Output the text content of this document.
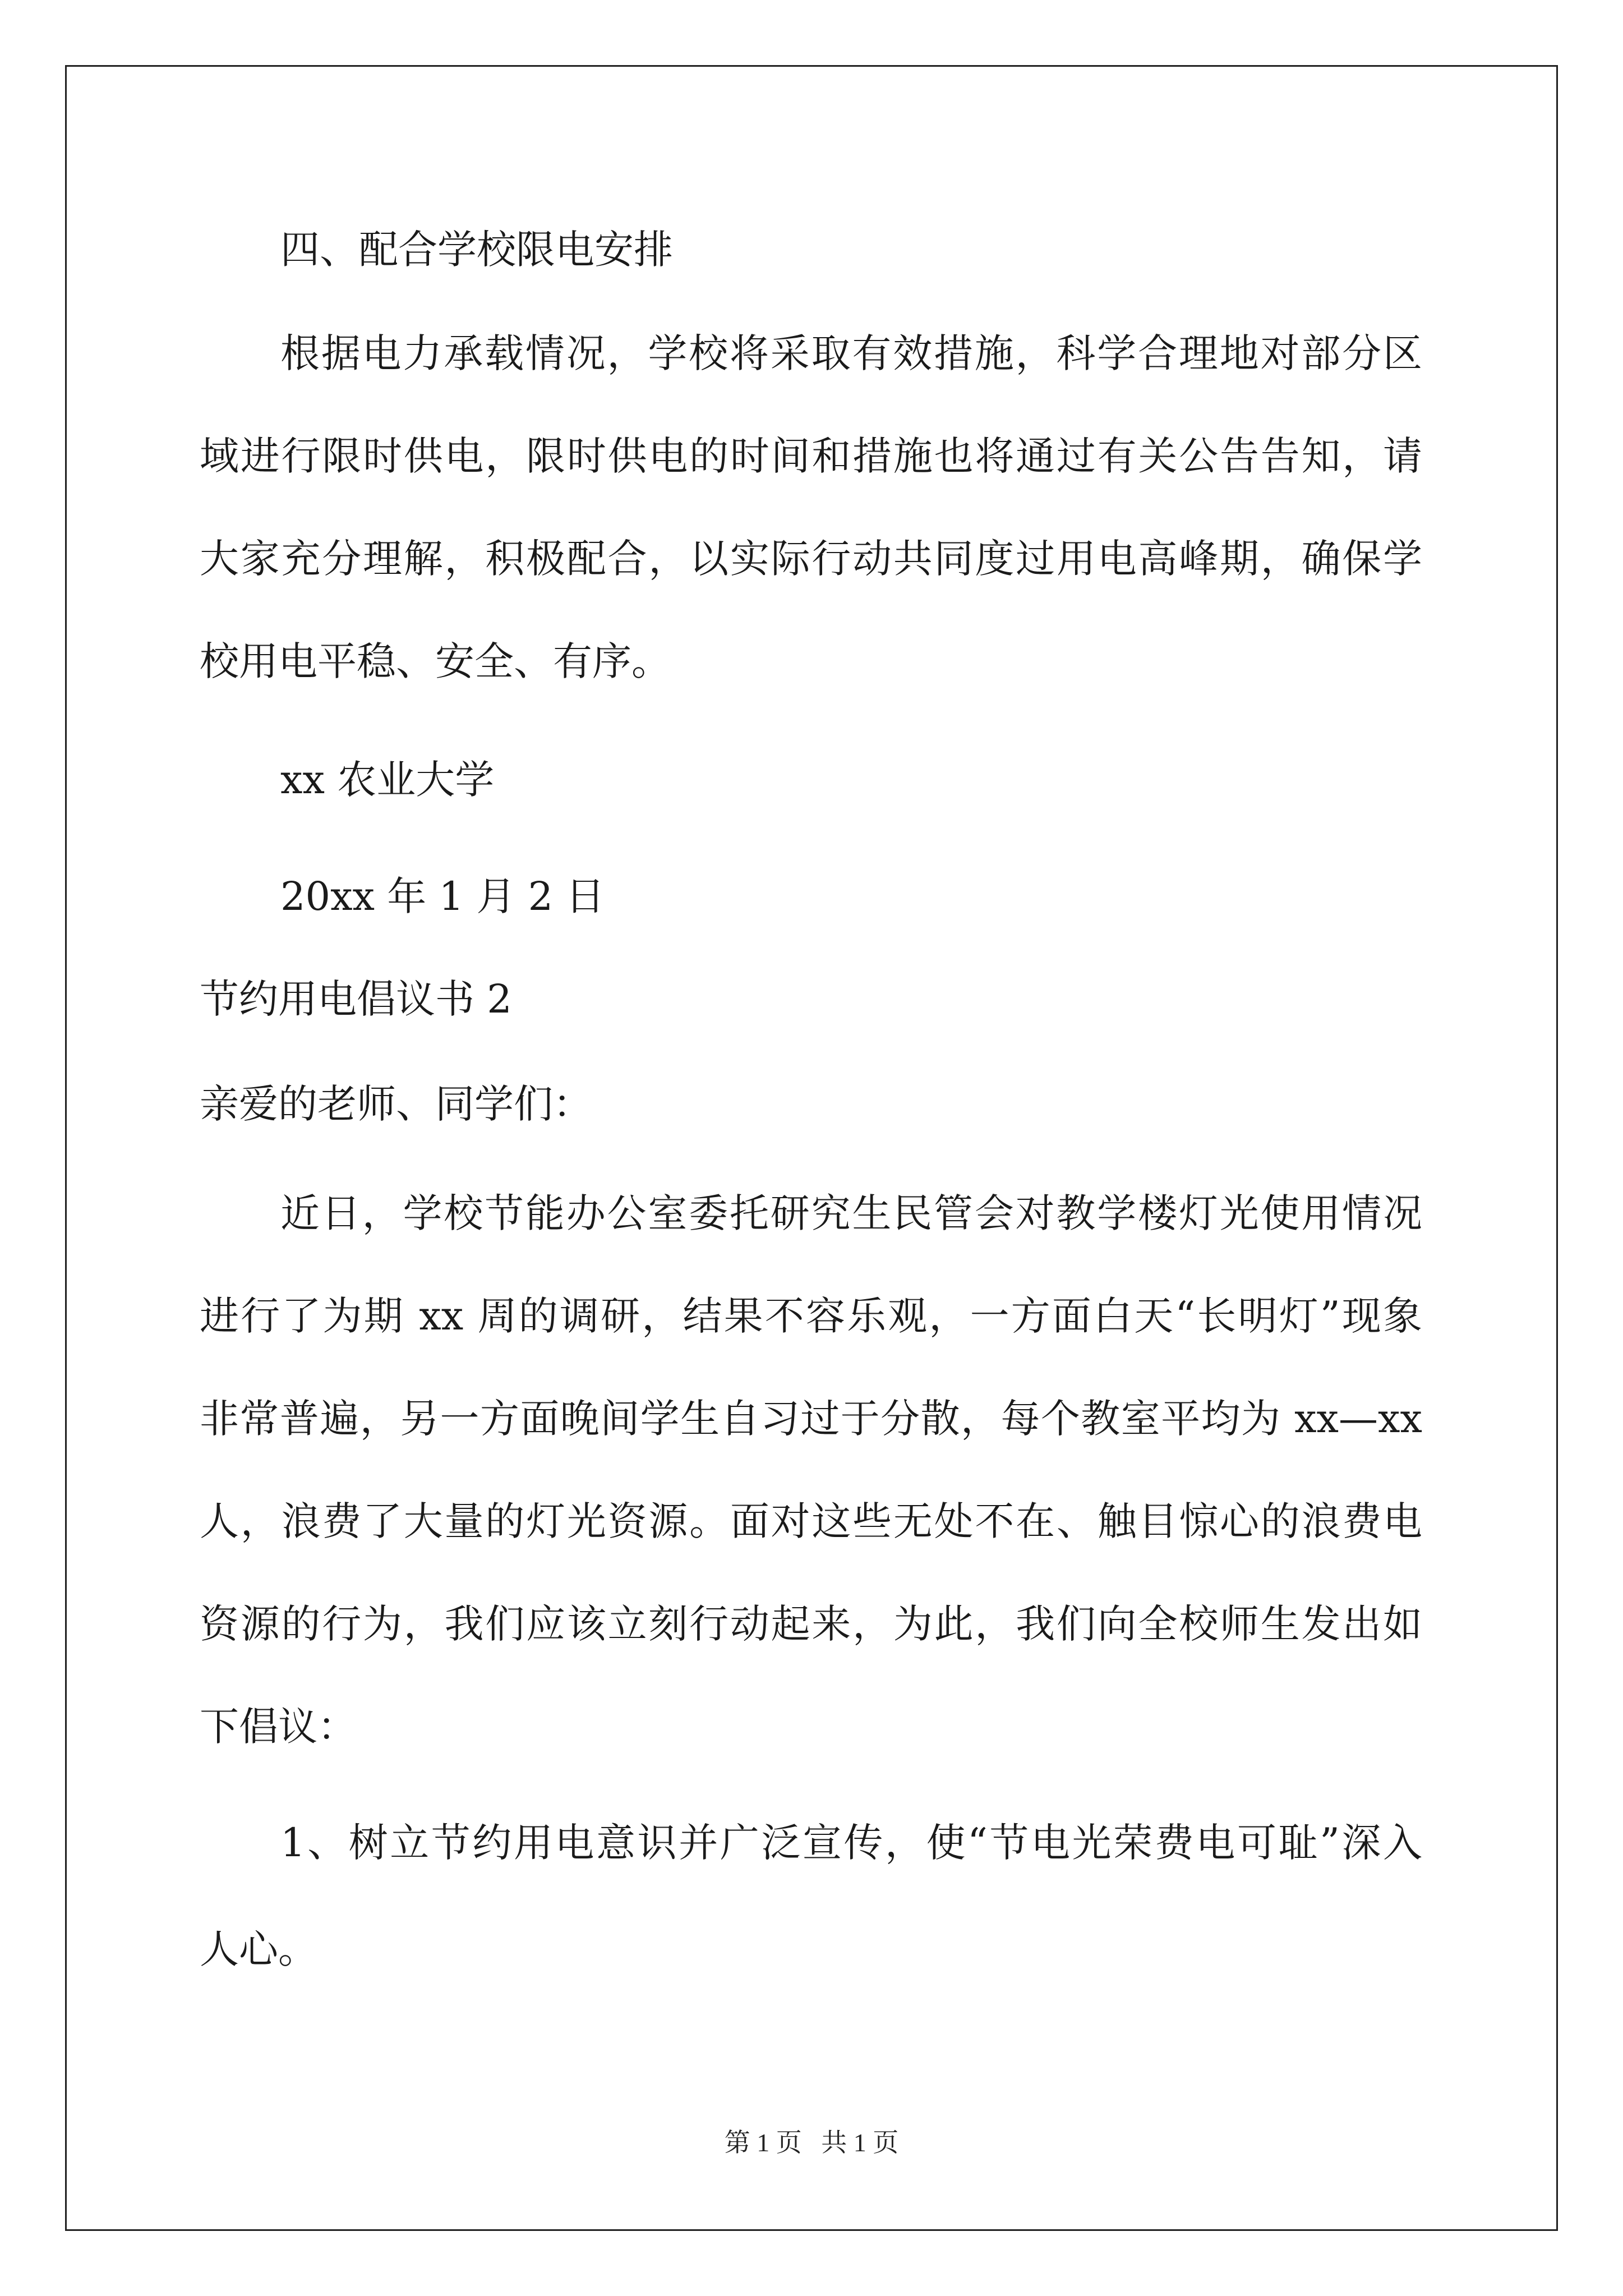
四、配合学校限电安排
根据电力承载情况，学校将采取有效措施，科学合理地对部分区
域进行限时供电，限时供电的时间和措施也将通过有关公告告知，请
大家充分理解，积极配合，以实际行动共同度过用电高峰期，确保学
校用电平稳、安全、有序。
xx 农业大学
20xx 年 1 月 2 日
节约用电倡议书 2
亲爱的老师、同学们：
近日，学校节能办公室委托研究生民管会对教学楼灯光使用情况
进行了为期 xx 周的调研，结果不容乐观，一方面白天“长明灯”现象
非常普遍，另一方面晚间学生自习过于分散，每个教室平均为 xx—xx
人，浪费了大量的灯光资源。面对这些无处不在、触目惊心的浪费电
资源的行为，我们应该立刻行动起来，为此，我们向全校师生发出如
下倡议：
1、树立节约用电意识并广泛宣传，使“节电光荣费电可耻”深入
人心。
第 1 页   共 1 页
